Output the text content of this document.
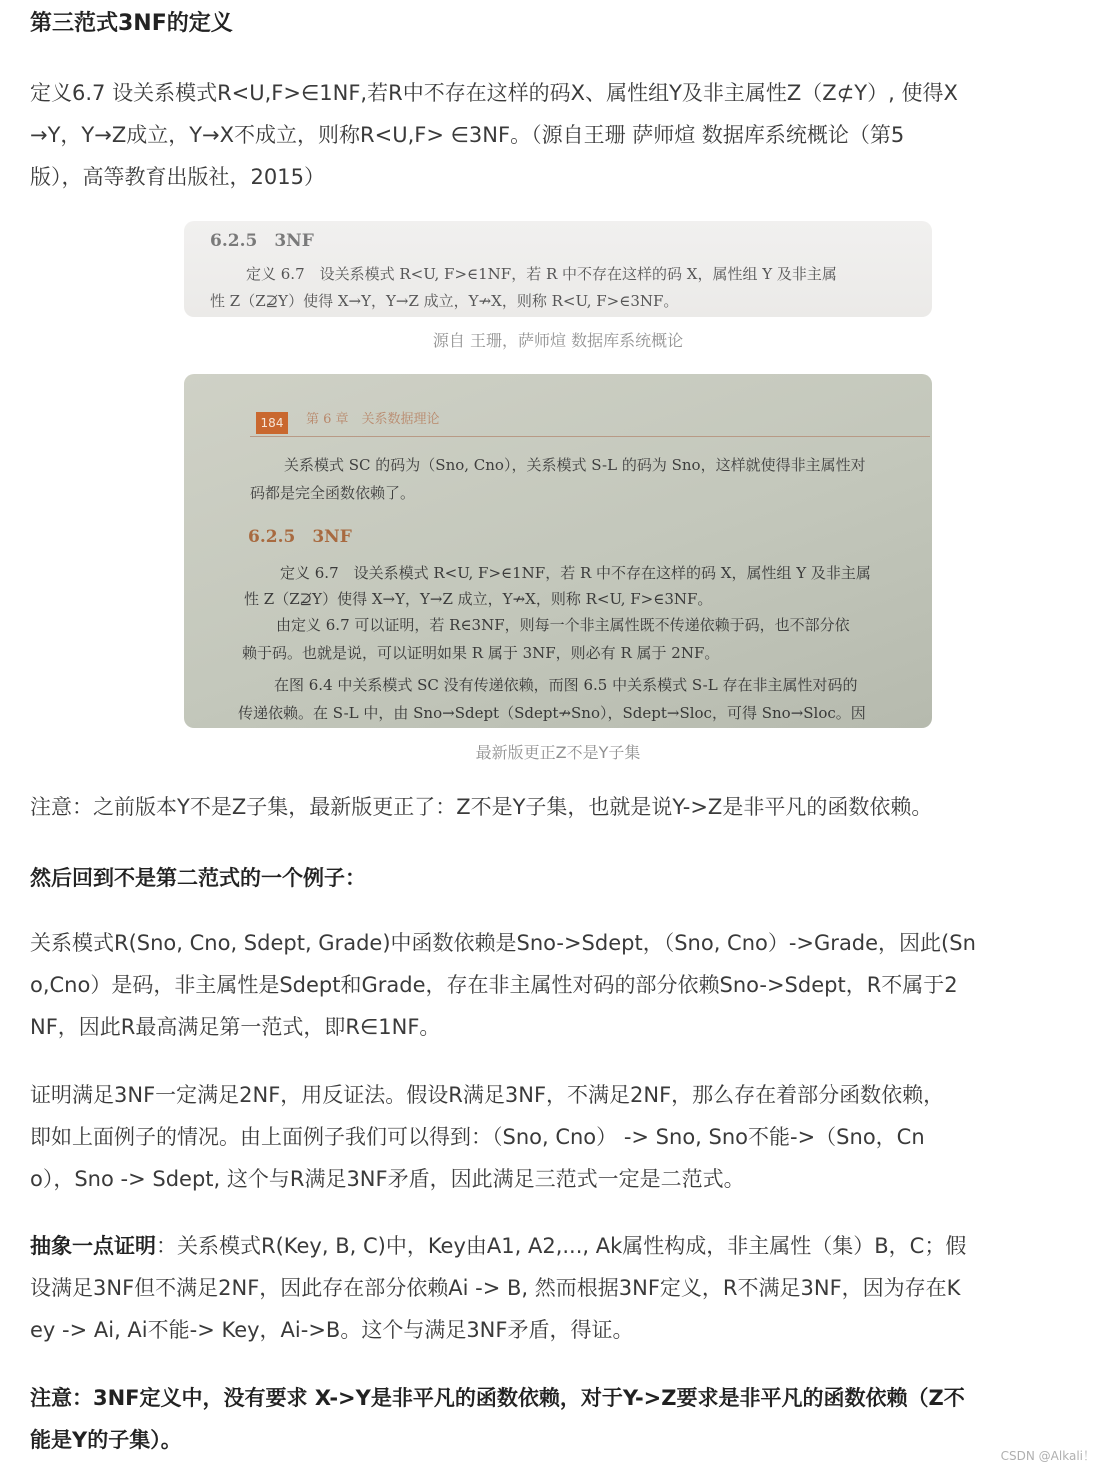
第三范式3NF的定义
定义6.7 设关系模式R<U,F>∈1NF,若R中不存在这样的码X、属性组Y及非主属性Z（Z⊄Y）, 使得X
→Y，Y→Z成立，Y→X不成立，则称R<U,F> ∈3NF。（源自王珊 萨师煊 数据库系统概论（第5
版），高等教育出版社，2015）
6.2.5　3NF
定义 6.7　设关系模式 R<U, F>∈1NF，若 R 中不存在这样的码 X，属性组 Y 及非主属
性 Z（Z⊉Y）使得 X→Y，Y→Z 成立，Y↛X，则称 R<U, F>∈3NF。
源自 王珊，萨师煊 数据库系统概论
184	第 6 章　关系数据理论
关系模式 SC 的码为（Sno, Cno），关系模式 S-L 的码为 Sno，这样就使得非主属性对
码都是完全函数依赖了。
6.2.5　3NF
定义 6.7　设关系模式 R<U, F>∈1NF，若 R 中不存在这样的码 X，属性组 Y 及非主属
性 Z（Z⊉Y）使得 X→Y，Y→Z 成立，Y↛X，则称 R<U, F>∈3NF。
由定义 6.7 可以证明，若 R∈3NF，则每一个非主属性既不传递依赖于码，也不部分依
赖于码。也就是说，可以证明如果 R 属于 3NF，则必有 R 属于 2NF。
在图 6.4 中关系模式 SC 没有传递依赖，而图 6.5 中关系模式 S-L 存在非主属性对码的
传递依赖。在 S-L 中，由 Sno→Sdept（Sdept↛Sno），Sdept→Sloc，可得 Sno→Sloc。因
最新版更正Z不是Y子集
注意：之前版本Y不是Z子集，最新版更正了：Z不是Y子集，也就是说Y->Z是非平凡的函数依赖。
然后回到不是第二范式的一个例子：
关系模式R(Sno, Cno, Sdept, Grade)中函数依赖是Sno->Sdept，（Sno, Cno）->Grade，因此(Sn
o,Cno）是码，非主属性是Sdept和Grade，存在非主属性对码的部分依赖Sno->Sdept，R不属于2
NF，因此R最高满足第一范式，即R∈1NF。
证明满足3NF一定满足2NF，用反证法。假设R满足3NF，不满足2NF，那么存在着部分函数依赖，
即如上面例子的情况。由上面例子我们可以得到：（Sno, Cno） -> Sno, Sno不能->（Sno，Cn
o），Sno -> Sdept, 这个与R满足3NF矛盾，因此满足三范式一定是二范式。
抽象一点证明：关系模式R(Key, B, C)中，Key由A1, A2,..., Ak属性构成，非主属性（集）B，C；假
设满足3NF但不满足2NF，因此存在部分依赖Ai -> B, 然而根据3NF定义，R不满足3NF，因为存在K
ey -> Ai, Ai不能-> Key，Ai->B。这个与满足3NF矛盾，得证。
注意：3NF定义中，没有要求 X->Y是非平凡的函数依赖，对于Y->Z要求是非平凡的函数依赖（Z不
能是Y的子集）。
CSDN @Alkali！
